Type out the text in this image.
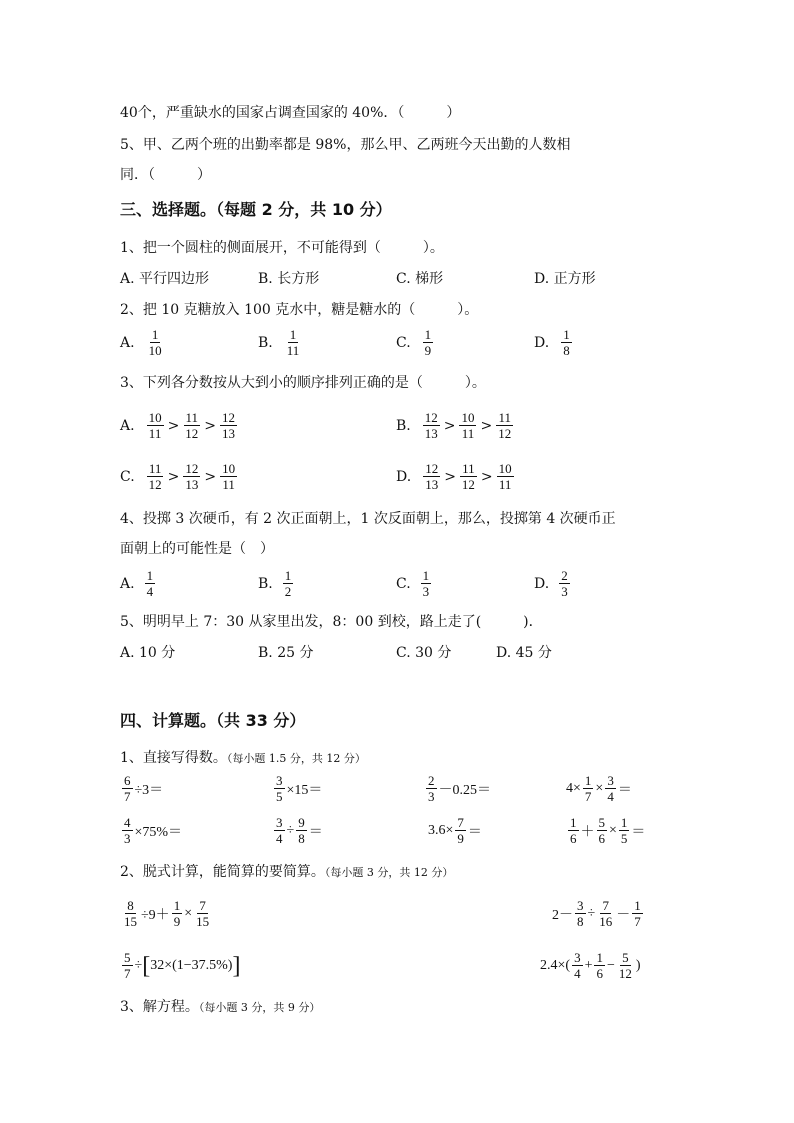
40个，严重缺水的国家占调查国家的 40%．（　　　）
5、甲、乙两个班的出勤率都是 98%，那么甲、乙两班今天出勤的人数相
同．（　　　）
三、选择题。（每题 2 分，共 10 分）
1、把一个圆柱的侧面展开，不可能得到（　　　）。
A. 平行四边形	B. 长方形	C. 梯形	D. 正方形
2、把 10 克糖放入 100 克水中，糖是糖水的（　　　）。
A. $\frac{1}{10}$	B. $\frac{1}{11}$	C. $\frac{1}{9}$	D. $\frac{1}{8}$
3、下列各分数按从大到小的顺序排列正确的是（　　　）。
A. $\frac{10}{11} > \frac{11}{12} > \frac{12}{13}$	B. $\frac{12}{13} > \frac{10}{11} > \frac{11}{12}$
C. $\frac{11}{12} > \frac{12}{13} > \frac{10}{11}$	D. $\frac{12}{13} > \frac{11}{12} > \frac{10}{11}$
4、投掷 3 次硬币，有 2 次正面朝上，1 次反面朝上，那么，投掷第 4 次硬币正
面朝上的可能性是（　）
A. $\frac{1}{4}$	B. $\frac{1}{2}$	C. $\frac{1}{3}$	D. $\frac{2}{3}$
5、明明早上 7：30 从家里出发，8：00 到校，路上走了(　　　)．
A. 10 分	B. 25 分	C. 30 分	D. 45 分
四、计算题。（共 33 分）
1、直接写得数。（每小题 1.5 分，共 12 分）
$\frac{6}{7} \div 3=$	$\frac{3}{5} \times 15=$	$\frac{2}{3} -0.25=$	$4\times \frac{1}{7} \times \frac{3}{4}$ ＝
$\frac{4}{3} \times 75\%=$	$\frac{3}{4} \div \frac{9}{8}$ ＝	$3.6\times \frac{7}{9}$ ＝	$\frac{1}{6} + \frac{5}{6} \times \frac{1}{5}$ ＝
2、脱式计算，能简算的要简算。（每小题 3 分，共 12 分）
$\frac{8}{15} \div 9+ \frac{1}{9} \times \frac{7}{15}$	$2- \frac{3}{8} \div \frac{7}{16} - \frac{1}{7}$
$\frac{5}{7}$ ÷ [ 32×(1−37.5%) ]	$2.4\times( \frac{3}{4} + \frac{1}{6} - \frac{5}{12}$ )
3、解方程。（每小题 3 分，共 9 分）
